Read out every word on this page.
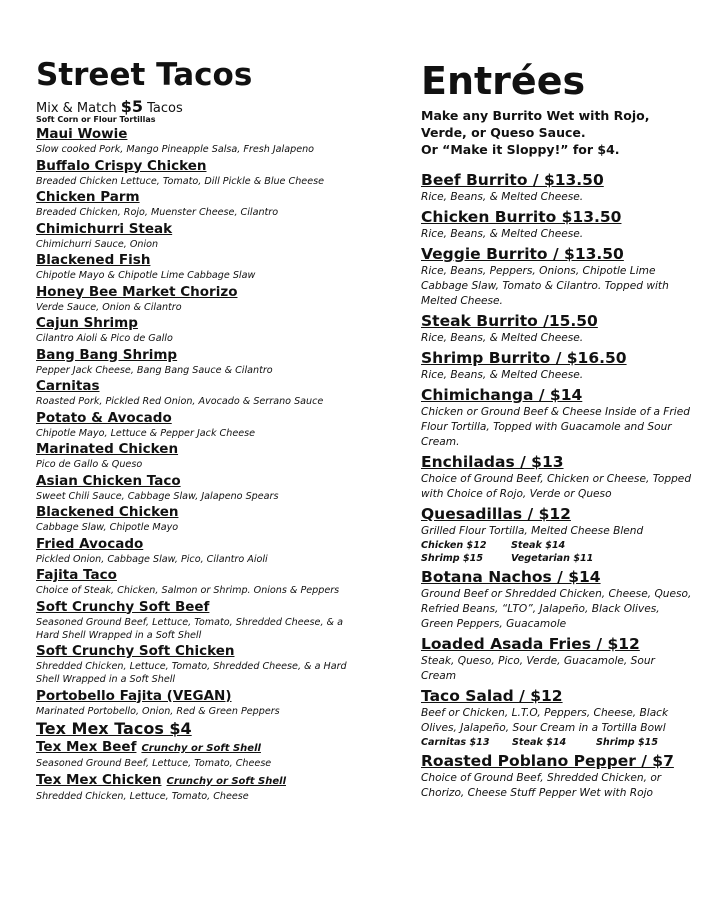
Street Tacos
Mix & Match $5 Tacos
Soft Corn or Flour Tortillas
Maui Wowie
Slow cooked Pork, Mango Pineapple Salsa, Fresh Jalapeno
Buffalo Crispy Chicken
Breaded Chicken Lettuce, Tomato, Dill Pickle & Blue Cheese
Chicken Parm
Breaded Chicken, Rojo, Muenster Cheese, Cilantro
Chimichurri Steak
Chimichurri Sauce, Onion
Blackened Fish
Chipotle Mayo & Chipotle Lime Cabbage Slaw
Honey Bee Market Chorizo
Verde Sauce, Onion & Cilantro
Cajun Shrimp
Cilantro Aioli & Pico de Gallo
Bang Bang Shrimp
Pepper Jack Cheese, Bang Bang Sauce & Cilantro
Carnitas
Roasted Pork, Pickled Red Onion, Avocado & Serrano Sauce
Potato & Avocado
Chipotle Mayo, Lettuce & Pepper Jack Cheese
Marinated Chicken
Pico de Gallo & Queso
Asian Chicken Taco
Sweet Chili Sauce, Cabbage Slaw, Jalapeno Spears
Blackened Chicken
Cabbage Slaw, Chipotle Mayo
Fried Avocado
Pickled Onion, Cabbage Slaw, Pico, Cilantro Aioli
Fajita Taco
Choice of Steak, Chicken, Salmon or Shrimp. Onions & Peppers
Soft Crunchy Soft Beef
Seasoned Ground Beef, Lettuce, Tomato, Shredded Cheese, & a Hard Shell Wrapped in a Soft Shell
Soft Crunchy Soft Chicken
Shredded Chicken, Lettuce, Tomato, Shredded Cheese, & a Hard Shell Wrapped in a Soft Shell
Portobello Fajita (VEGAN)
Marinated Portobello, Onion, Red & Green Peppers
Tex Mex Tacos $4
Tex Mex Beef Crunchy or Soft Shell
Seasoned Ground Beef, Lettuce, Tomato, Cheese
Tex Mex Chicken Crunchy or Soft Shell
Shredded Chicken, Lettuce, Tomato, Cheese
Entrées
Make any Burrito Wet with Rojo, Verde, or Queso Sauce.
Or “Make it Sloppy!” for $4.
Beef Burrito / $13.50
Rice, Beans, & Melted Cheese.
Chicken Burrito $13.50
Rice, Beans, & Melted Cheese.
Veggie Burrito / $13.50
Rice, Beans, Peppers, Onions, Chipotle Lime Cabbage Slaw, Tomato & Cilantro. Topped with Melted Cheese.
Steak Burrito /15.50
Rice, Beans, & Melted Cheese.
Shrimp Burrito / $16.50
Rice, Beans, & Melted Cheese.
Chimichanga / $14
Chicken or Ground Beef & Cheese Inside of a Fried Flour Tortilla, Topped with Guacamole and Sour Cream.
Enchiladas / $13
Choice of Ground Beef, Chicken or Cheese, Topped with Choice of Rojo, Verde or Queso
Quesadillas / $12
Grilled Flour Tortilla, Melted Cheese Blend
Chicken $12	Steak $14
Shrimp $15	Vegetarian $11
Botana Nachos / $14
Ground Beef or Shredded Chicken, Cheese, Queso, Refried Beans, “LTO”, Jalapeño, Black Olives, Green Peppers, Guacamole
Loaded Asada Fries / $12
Steak, Queso, Pico, Verde, Guacamole, Sour Cream
Taco Salad / $12
Beef or Chicken, L.T.O, Peppers, Cheese, Black Olives, Jalapeño, Sour Cream in a Tortilla Bowl
Carnitas $13 Steak $14	Shrimp $15
Roasted Poblano Pepper / $7
Choice of Ground Beef, Shredded Chicken, or Chorizo, Cheese Stuff Pepper Wet with Rojo
